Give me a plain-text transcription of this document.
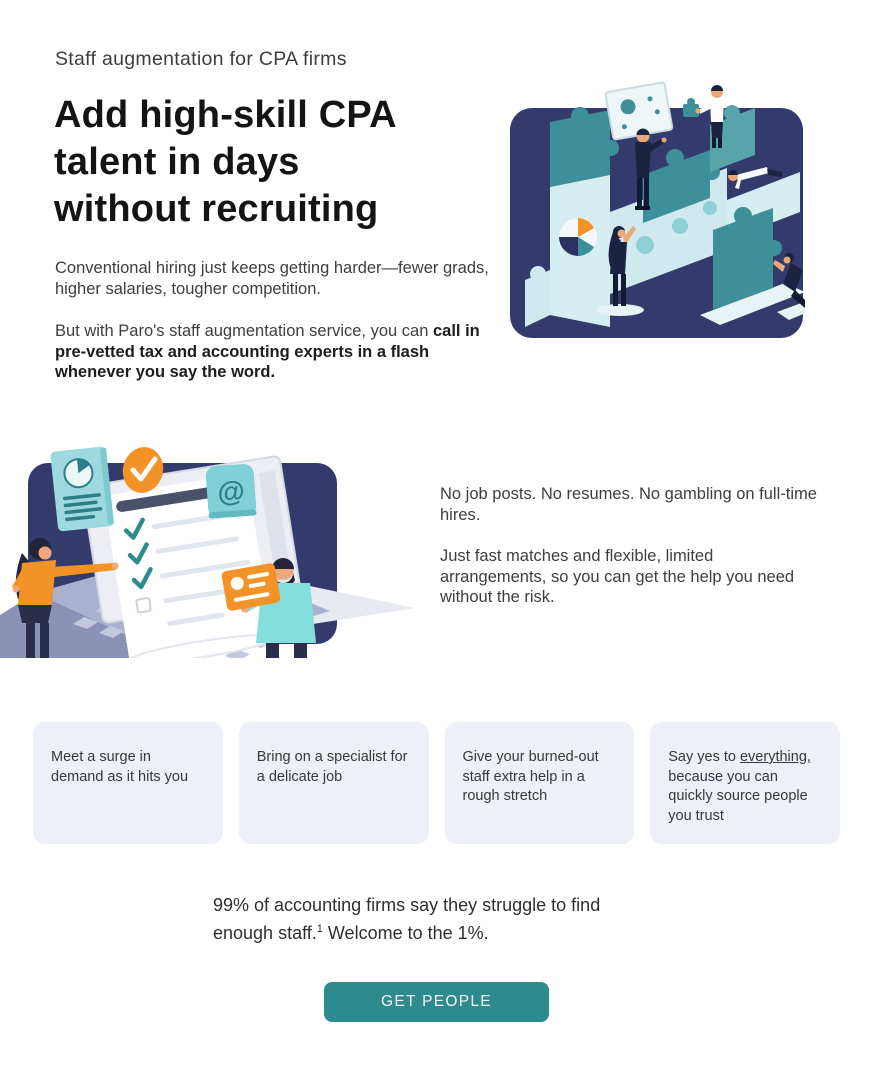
Staff augmentation for CPA firms
Add high-skill CPA
talent in days
without recruiting

Conventional hiring just keeps getting harder—fewer grads, higher salaries, tougher competition.

But with Paro's staff augmentation service, you can call in pre-vetted tax and accounting experts in a flash whenever you say the word.

@	No job posts. No resumes. No gambling on full-time hires.

Just fast matches and flexible, limited arrangements, so you can get the help you need without the risk.

Meet a surge in demand as it hits you
Bring on a specialist for a delicate job
Give your burned-out staff extra help in a rough stretch
Say yes to everything, because you can quickly source people you trust
99% of accounting firms say they struggle to find
enough staff.$^1$ Welcome to the 1%.
GET PEOPLE
